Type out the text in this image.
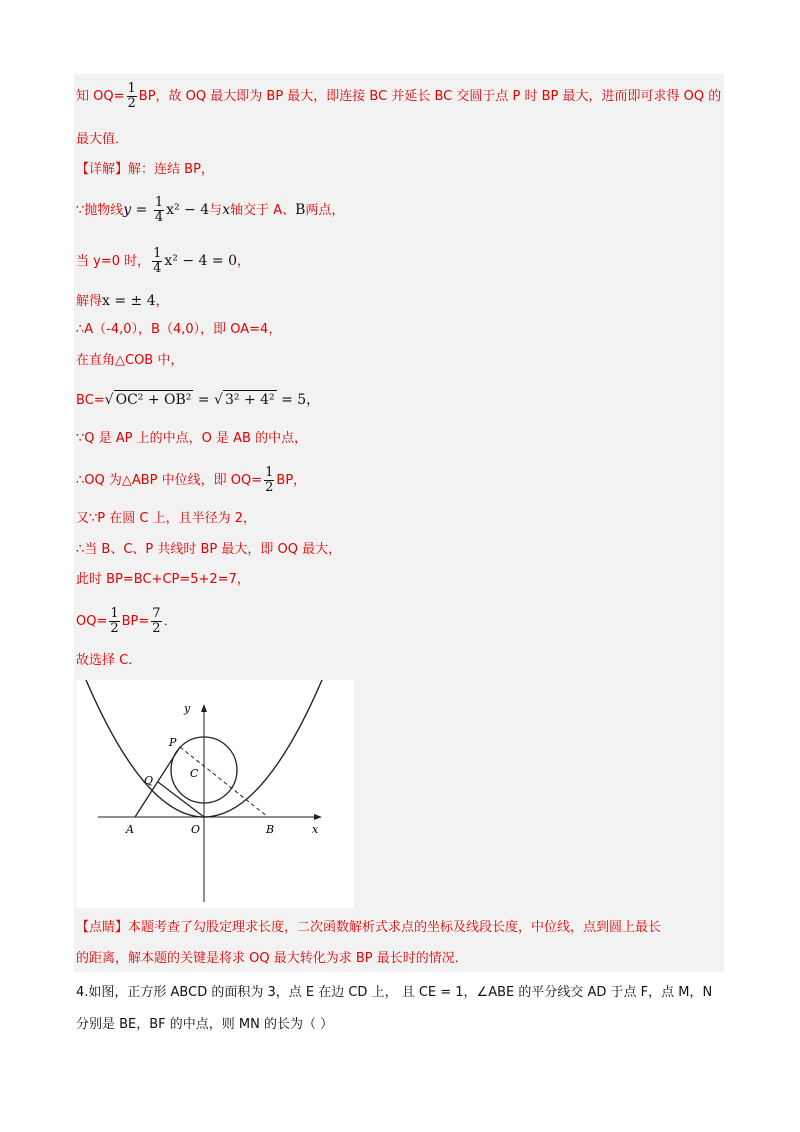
知 $OQ= \frac{1}{2}$ BP，故 OQ 最大即为 BP 最大，即连接 BC 并延长 BC 交圆于点 P 时 BP 最大，进而即可求得 OQ 的
最大值．
【详解】解：连结 BP，
∵抛物线$y = \frac{1}{4} x^2 - 4$与x轴交于 A、B两点，
当 y=0 时， $\frac{1}{4} x^2 - 4 = 0$，
解得x = ± 4，
∴A（-4,0），B（4,0），即 OA=4，
在直角△COB 中，
BC=√ OC² + OB² = √ 3² + 4² = 5，
∵Q 是 AP 上的中点，O 是 AB 的中点，
∴OQ 为△ABP 中位线，即 $OQ= \frac{1}{2}$ BP，
又∵P 在圆 C 上，且半径为 2，
∴当 B、C、P 共线时 BP 最大，即 OQ 最大，
此时 BP=BC+CP=5+2=7，
$OQ= \frac{1}{2} BP= \frac{7}{2}$ ．
故选择 C．
y
x
P
C
Q
A	O	B
【点睛】本题考查了勾股定理求长度，二次函数解析式求点的坐标及线段长度，中位线，点到圆上最长
的距离，解本题的关键是将求 OQ 最大转化为求 BP 最长时的情况．
4.如图，正方形 ABCD 的面积为 3，点 E 在边 CD 上， 且 CE = 1，∠ABE 的平分线交 AD 于点 F，点 M，N
分别是 BE，BF 的中点，则 MN 的长为（ ）
